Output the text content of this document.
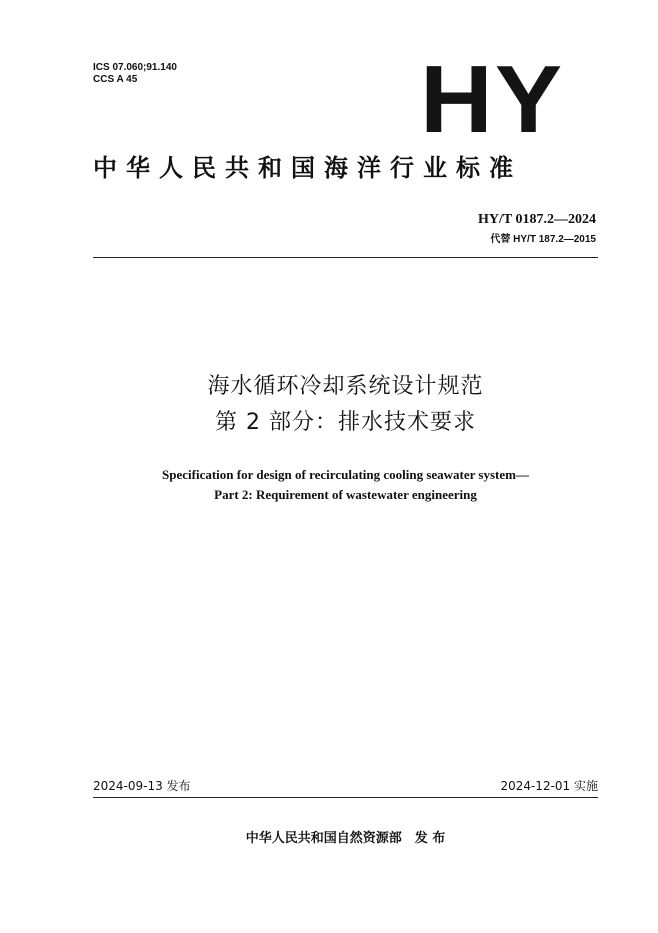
ICS 07.060;91.140
CCS A 45	HY
中华人民共和国海洋行业标准
HY/T 0187.2—2024
代替 HY/T 187.2—2015
海水循环冷却系统设计规范
第 2 部分：排水技术要求
Specification for design of recirculating cooling seawater system—
Part 2: Requirement of wastewater engineering
2024-09-13 发布	2024-12-01 实施
中华人民共和国自然资源部　发 布
